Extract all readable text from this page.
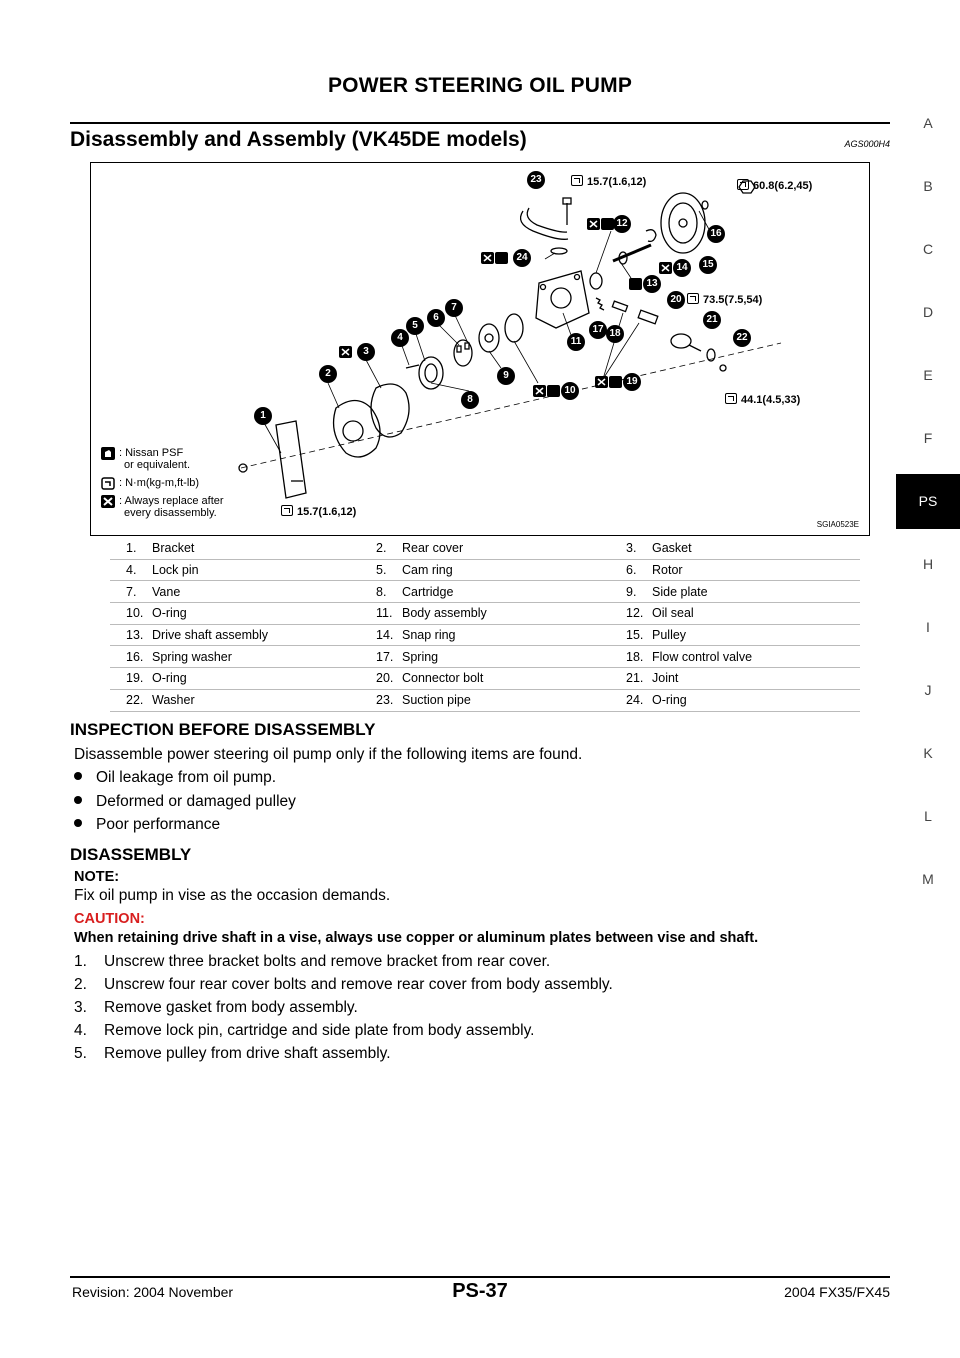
POWER STEERING OIL PUMP
Disassembly and Assembly (VK45DE models)	AGS000H4
A
B
C
D
E
F
PS
H
I
J
K
L
M
1
2
3
4
5
6
7
8
9
10
11
12
13
14	15
16
17 18
19
20
21
22
23
24
15.7(1.6,12)	60.8(6.2,45)
73.5(7.5,54)
44.1(4.5,33)
15.7(1.6,12)
: Nissan PSF
or equivalent.
: N·m(kg-m,ft-lb)
: Always replace after
every disassembly.
SGIA0523E
1. Bracket	2. Rear cover	3. Gasket
4. Lock pin	5. Cam ring	6. Rotor
7. Vane	8. Cartridge	9. Side plate
10. O-ring	11. Body assembly	12. Oil seal
13. Drive shaft assembly	14. Snap ring	15. Pulley
16. Spring washer	17. Spring	18. Flow control valve
19. O-ring	20. Connector bolt	21. Joint
22. Washer	23. Suction pipe	24. O-ring
INSPECTION BEFORE DISASSEMBLY
Disassemble power steering oil pump only if the following items are found.
Oil leakage from oil pump.
Deformed or damaged pulley
Poor performance
DISASSEMBLY
NOTE:
Fix oil pump in vise as the occasion demands.
CAUTION:
When retaining drive shaft in a vise, always use copper or aluminum plates between vise and shaft.
1. Unscrew three bracket bolts and remove bracket from rear cover.
2. Unscrew four rear cover bolts and remove rear cover from body assembly.
3. Remove gasket from body assembly.
4. Remove lock pin, cartridge and side plate from body assembly.
5. Remove pulley from drive shaft assembly.
Revision: 2004 November	PS-37	2004 FX35/FX45
